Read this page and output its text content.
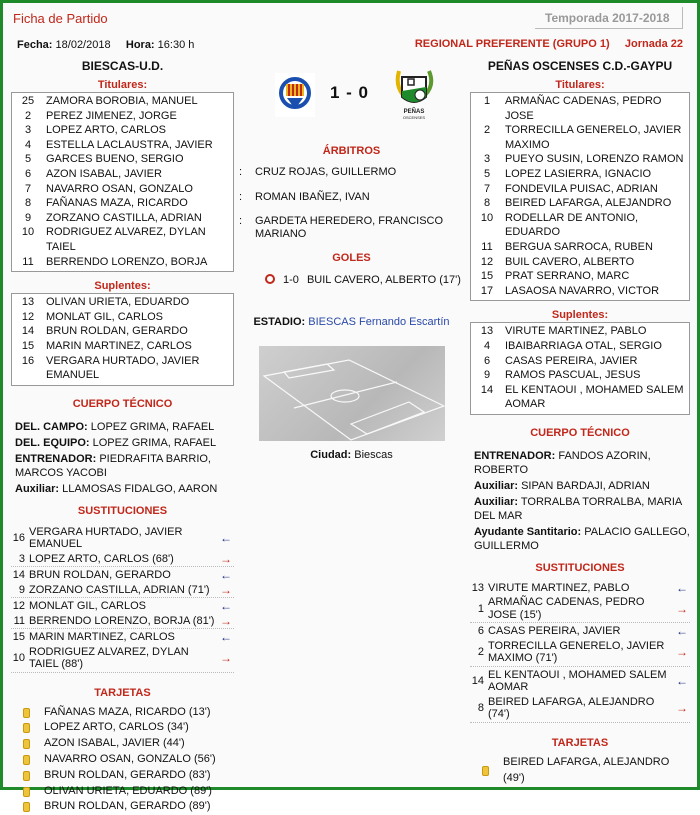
Ficha de Partido	Temporada 2017-2018
Fecha: 18/02/2018 Hora: 16:30 h	REGIONAL PREFERENTE (GRUPO 1) Jornada 22
BIESCAS-U.D.	PEÑAS OSCENSES C.D.-GAYPU
1 - 0
PEÑAS
OSCENSES
Titulares:
25	ZAMORA BOROBIA, MANUEL
2	PEREZ JIMENEZ, JORGE
3	LOPEZ ARTO, CARLOS
4	ESTELLA LACLAUSTRA, JAVIER
5	GARCES BUENO, SERGIO
6	AZON ISABAL, JAVIER
7	NAVARRO OSAN, GONZALO
8	FAÑANAS MAZA, RICARDO
9	ZORZANO CASTILLA, ADRIAN
10	RODRIGUEZ ALVAREZ, DYLAN TAIEL
11	BERRENDO LORENZO, BORJA
Suplentes:
13	OLIVAN URIETA, EDUARDO
12	MONLAT GIL, CARLOS
14	BRUN ROLDAN, GERARDO
15	MARIN MARTINEZ, CARLOS
16	VERGARA HURTADO, JAVIER EMANUEL
CUERPO TÉCNICO

DEL. CAMPO: LOPEZ GRIMA, RAFAEL

DEL. EQUIPO: LOPEZ GRIMA, RAFAEL

ENTRENADOR: PIEDRAFITA BARRIO, MARCOS YACOBI

Auxiliar: LLAMOSAS FIDALGO, AARON

SUSTITUCIONES
16
VERGARA HURTADO, JAVIER EMANUEL	←
3 LOPEZ ARTO, CARLOS (68')	→
14 BRUN ROLDAN, GERARDO	←
9 ZORZANO CASTILLA, ADRIAN (71') →
12 MONLAT GIL, CARLOS	←
11 BERRENDO LORENZO, BORJA (81') →
15 MARIN MARTINEZ, CARLOS	←
10
RODRIGUEZ ALVAREZ, DYLAN TAIEL (88')	→
TARJETAS
FAÑANAS MAZA, RICARDO (13')
LOPEZ ARTO, CARLOS (34')
AZON ISABAL, JAVIER (44')
NAVARRO OSAN, GONZALO (56')
BRUN ROLDAN, GERARDO (83')
OLIVAN URIETA, EDUARDO (89')
BRUN ROLDAN, GERARDO (89')
ÁRBITROS
:	CRUZ ROJAS, GUILLERMO
:	ROMAN IBAÑEZ, IVAN
:	GARDETA HEREDERO, FRANCISCO MARIANO
GOLES
1-0 BUIL CAVERO, ALBERTO (17')
ESTADIO: BIESCAS Fernando Escartín
Ciudad: Biescas
Titulares:
1	ARMAÑAC CADENAS, PEDRO JOSE
2	TORRECILLA GENERELO, JAVIER MAXIMO
3	PUEYO SUSIN, LORENZO RAMON
5	LOPEZ LASIERRA, IGNACIO
7	FONDEVILA PUISAC, ADRIAN
8	BEIRED LAFARGA, ALEJANDRO
10	RODELLAR DE ANTONIO, EDUARDO
11	BERGUA SARROCA, RUBEN
12	BUIL CAVERO, ALBERTO
15	PRAT SERRANO, MARC
17	LASAOSA NAVARRO, VICTOR
Suplentes:
13	VIRUTE MARTINEZ, PABLO
4	IBAIBARRIAGA OTAL, SERGIO
6	CASAS PEREIRA, JAVIER
9	RAMOS PASCUAL, JESUS
14	EL KENTAOUI , MOHAMED SALEM AOMAR
CUERPO TÉCNICO

ENTRENADOR: FANDOS AZORIN, ROBERTO

Auxiliar: SIPAN BARDAJI, ADRIAN

Auxiliar: TORRALBA TORRALBA, MARIA DEL MAR

Ayudante Santitario: PALACIO GALLEGO, GUILLERMO

SUSTITUCIONES
13 VIRUTE MARTINEZ, PABLO	←
1
ARMAÑAC CADENAS, PEDRO JOSE (15')	→
6 CASAS PEREIRA, JAVIER	←
2
TORRECILLA GENERELO, JAVIER MAXIMO (71')	→
14
EL KENTAOUI , MOHAMED SALEM AOMAR	←
8
BEIRED LAFARGA, ALEJANDRO (74')	→
TARJETAS
BEIRED LAFARGA, ALEJANDRO (49')
